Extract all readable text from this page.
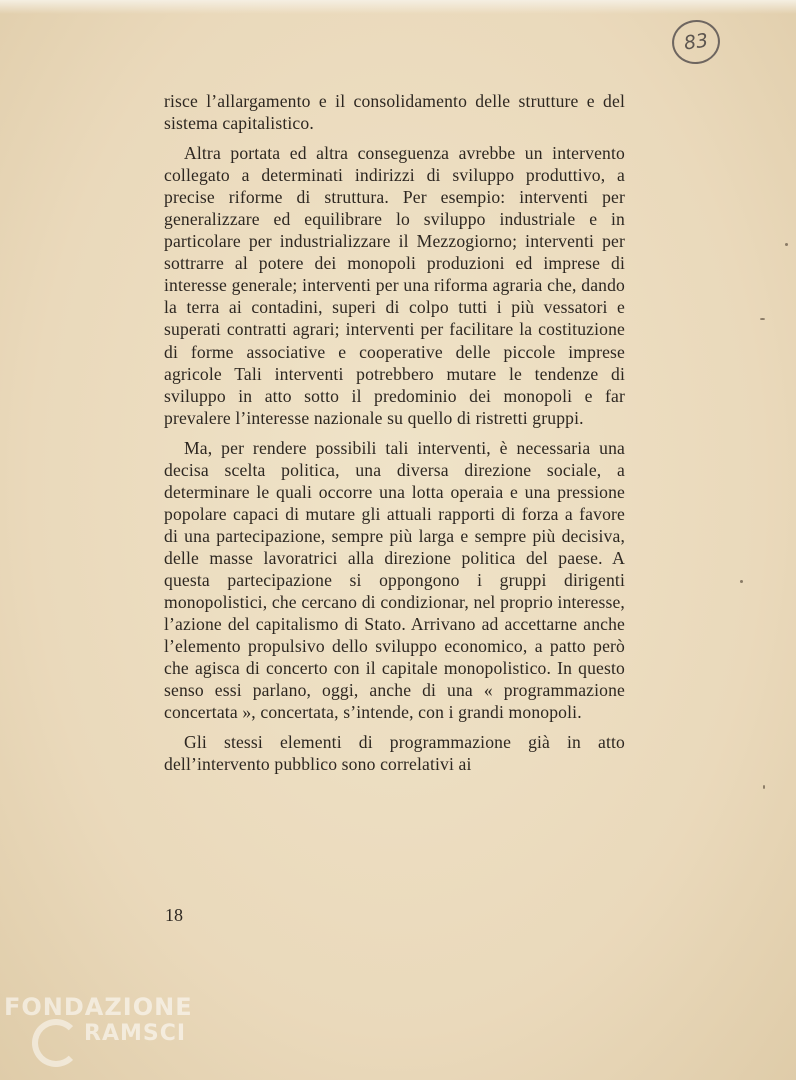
83

risce l’allargamento e il consolidamento delle strutture e del sistema capitalistico.

Altra portata ed altra conseguenza avrebbe un intervento collegato a determinati indirizzi di sviluppo produttivo, a precise riforme di struttura. Per esempio: interventi per generalizzare ed equilibrare lo sviluppo industriale e in particolare per industrializzare il Mezzogiorno; interventi per sottrarre al potere dei monopoli produzioni ed imprese di interesse generale; interventi per una riforma agraria che, dando la terra ai contadini, superi di colpo tutti i più vessatori e superati contratti agrari; interventi per facilitare la costituzione di forme associative e cooperative delle piccole imprese agricole Tali interventi potrebbero mutare le tendenze di sviluppo in atto sotto il predominio dei monopoli e far prevalere l’interesse nazionale su quello di ristretti gruppi.

Ma, per rendere possibili tali interventi, è necessaria una decisa scelta politica, una diversa direzione sociale, a determinare le quali occorre una lotta operaia e una pressione popolare capaci di mutare gli attuali rapporti di forza a favore di una partecipazione, sempre più larga e sempre più decisiva, delle masse lavoratrici alla direzione politica del paese. A questa partecipazione si oppongono i gruppi dirigenti monopolistici, che cercano di condizionar, nel proprio interesse, l’azione del capitalismo di Stato. Arrivano ad accettarne anche l’elemento propulsivo dello sviluppo economico, a patto però che agisca di concerto con il capitale monopolistico. In questo senso essi parlano, oggi, anche di una « programmazione concertata », concertata, s’intende, con i grandi monopoli.

Gli stessi elementi di programmazione già in atto dell’intervento pubblico sono correlativi ai

18
FONDAZIONE
RAMSCI
